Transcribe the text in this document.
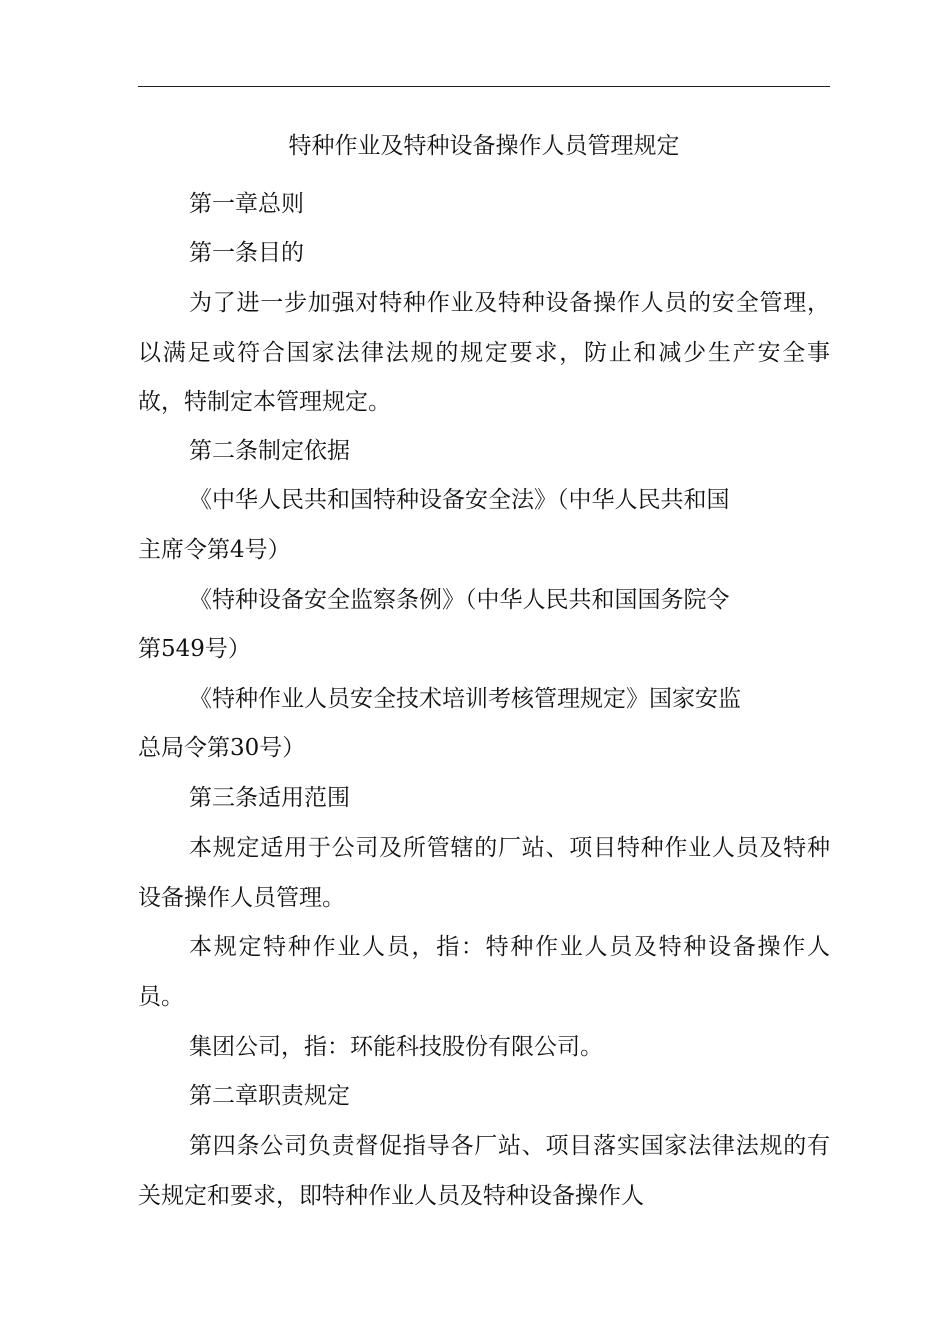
特种作业及特种设备操作人员管理规定
第一章总则
第一条目的
为了进一步加强对特种作业及特种设备操作人员的安全管理，
以满足或符合国家法律法规的规定要求，防止和减少生产安全事
故，特制定本管理规定。
第二条制定依据
《中华人民共和国特种设备安全法》（中华人民共和国
主席令第4号）
《特种设备安全监察条例》（中华人民共和国国务院令
第549号）
《特种作业人员安全技术培训考核管理规定》国家安监
总局令第30号）
第三条适用范围
本规定适用于公司及所管辖的厂站、项目特种作业人员及特种
设备操作人员管理。
本规定特种作业人员，指：特种作业人员及特种设备操作人
员。
集团公司，指：环能科技股份有限公司。
第二章职责规定
第四条公司负责督促指导各厂站、项目落实国家法律法规的有
关规定和要求，即特种作业人员及特种设备操作人
